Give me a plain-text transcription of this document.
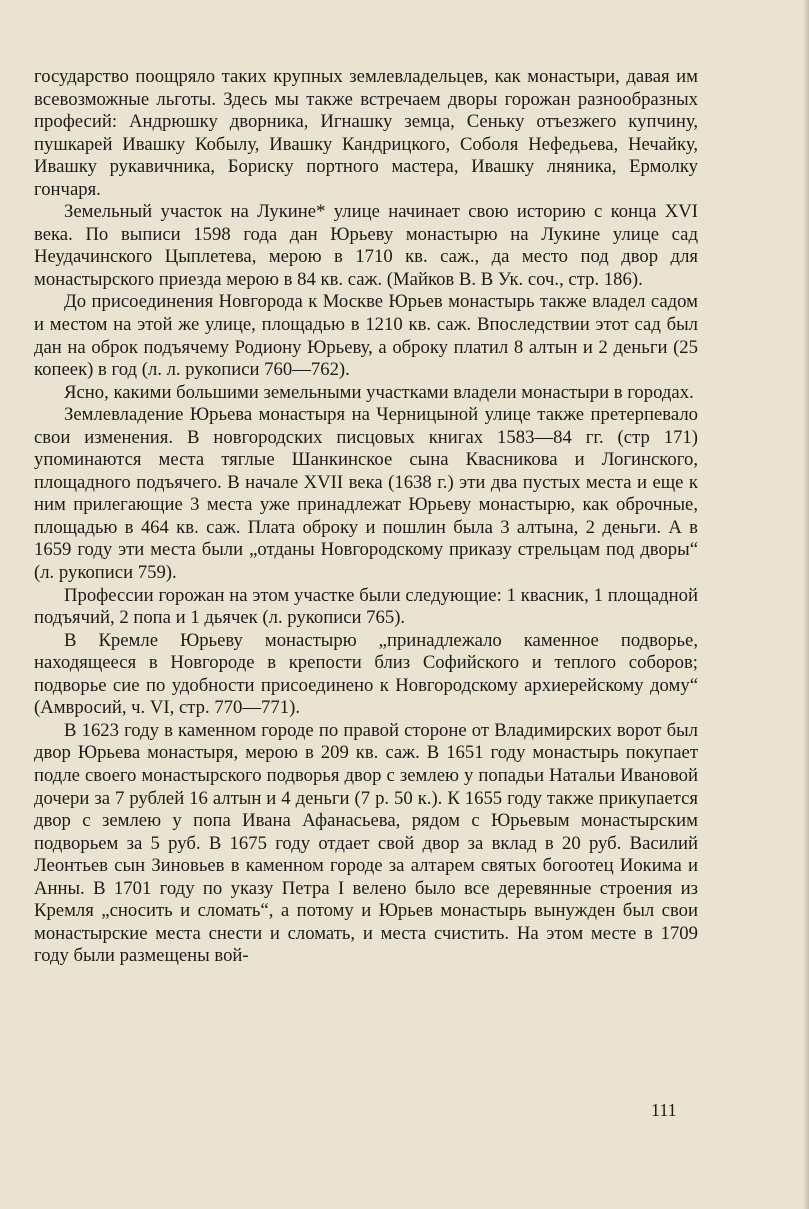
государство поощряло таких крупных землевладельцев, как монастыри, давая им всевозможные льготы. Здесь мы также встречаем дворы горожан разнообразных професий: Андрюшку дворника, Игнашку земца, Сеньку отъезжего купчину, пушкарей Ивашку Кобылу, Ивашку Кандрицкого, Соболя Нефедьева, Нечайку, Ивашку рукавичника, Бориску портного мастера, Ивашку лняника, Ермолку гончаря.

Земельный участок на Лукине* улице начинает свою историю с конца XVI века. По выписи 1598 года дан Юрьеву монастырю на Лукине улице сад Неудачинского Цыплетева, мерою в 1710 кв. саж., да место под двор для монастырского приезда мерою в 84 кв. саж. (Майков В. В Ук. соч., стр. 186).

До присоединения Новгорода к Москве Юрьев монастырь также владел садом и местом на этой же улице, площадью в 1210 кв. саж. Впоследствии этот сад был дан на оброк подъячему Родиону Юрьеву, а оброку платил 8 алтын и 2 деньги (25 копеек) в год (л. л. рукописи 760—762).

Ясно, какими большими земельными участками владели монастыри в городах.

Землевладение Юрьева монастыря на Черницыной улице также претерпевало свои изменения. В новгородских писцовых книгах 1583—84 гг. (стр 171) упоминаются места тяглые Шанкинское сына Квасникова и Логинского, площадного подъячего. В начале XVII века (1638 г.) эти два пустых места и еще к ним прилегающие 3 места уже принадлежат Юрьеву монастырю, как оброчные, площадью в 464 кв. саж. Плата оброку и пошлин была 3 алтына, 2 деньги. А в 1659 году эти места были „отданы Новгородскому приказу стрельцам под дворы“ (л. рукописи 759).

Профессии горожан на этом участке были следующие: 1 квасник, 1 площадной подъячий, 2 попа и 1 дьячек (л. рукописи 765).

В Кремле Юрьеву монастырю „принадлежало каменное подворье, находящееся в Новгороде в крепости близ Софийского и теплого соборов; подворье сие по удобности присоединено к Новгородскому архиерейскому дому“ (Амвросий, ч. VI, стр. 770—771).

В 1623 году в каменном городе по правой стороне от Владимирских ворот был двор Юрьева монастыря, мерою в 209 кв. саж. В 1651 году монастырь покупает подле своего монастырского подворья двор с землею у попадьи Натальи Ивановой дочери за 7 рублей 16 алтын и 4 деньги (7 р. 50 к.). К 1655 году также прикупается двор с землею у попа Ивана Афанасьева, рядом с Юрьевым монастырским подворьем за 5 руб. В 1675 году отдает свой двор за вклад в 20 руб. Василий Леонтьев сын Зиновьев в каменном городе за алтарем святых богоотец Иокима и Анны. В 1701 году по указу Петра I велено было все деревянные строения из Кремля „сносить и сломать“, а потому и Юрьев монастырь вынужден был свои монастырские места снести и сломать, и места счистить. На этом месте в 1709 году были размещены вой-

111
